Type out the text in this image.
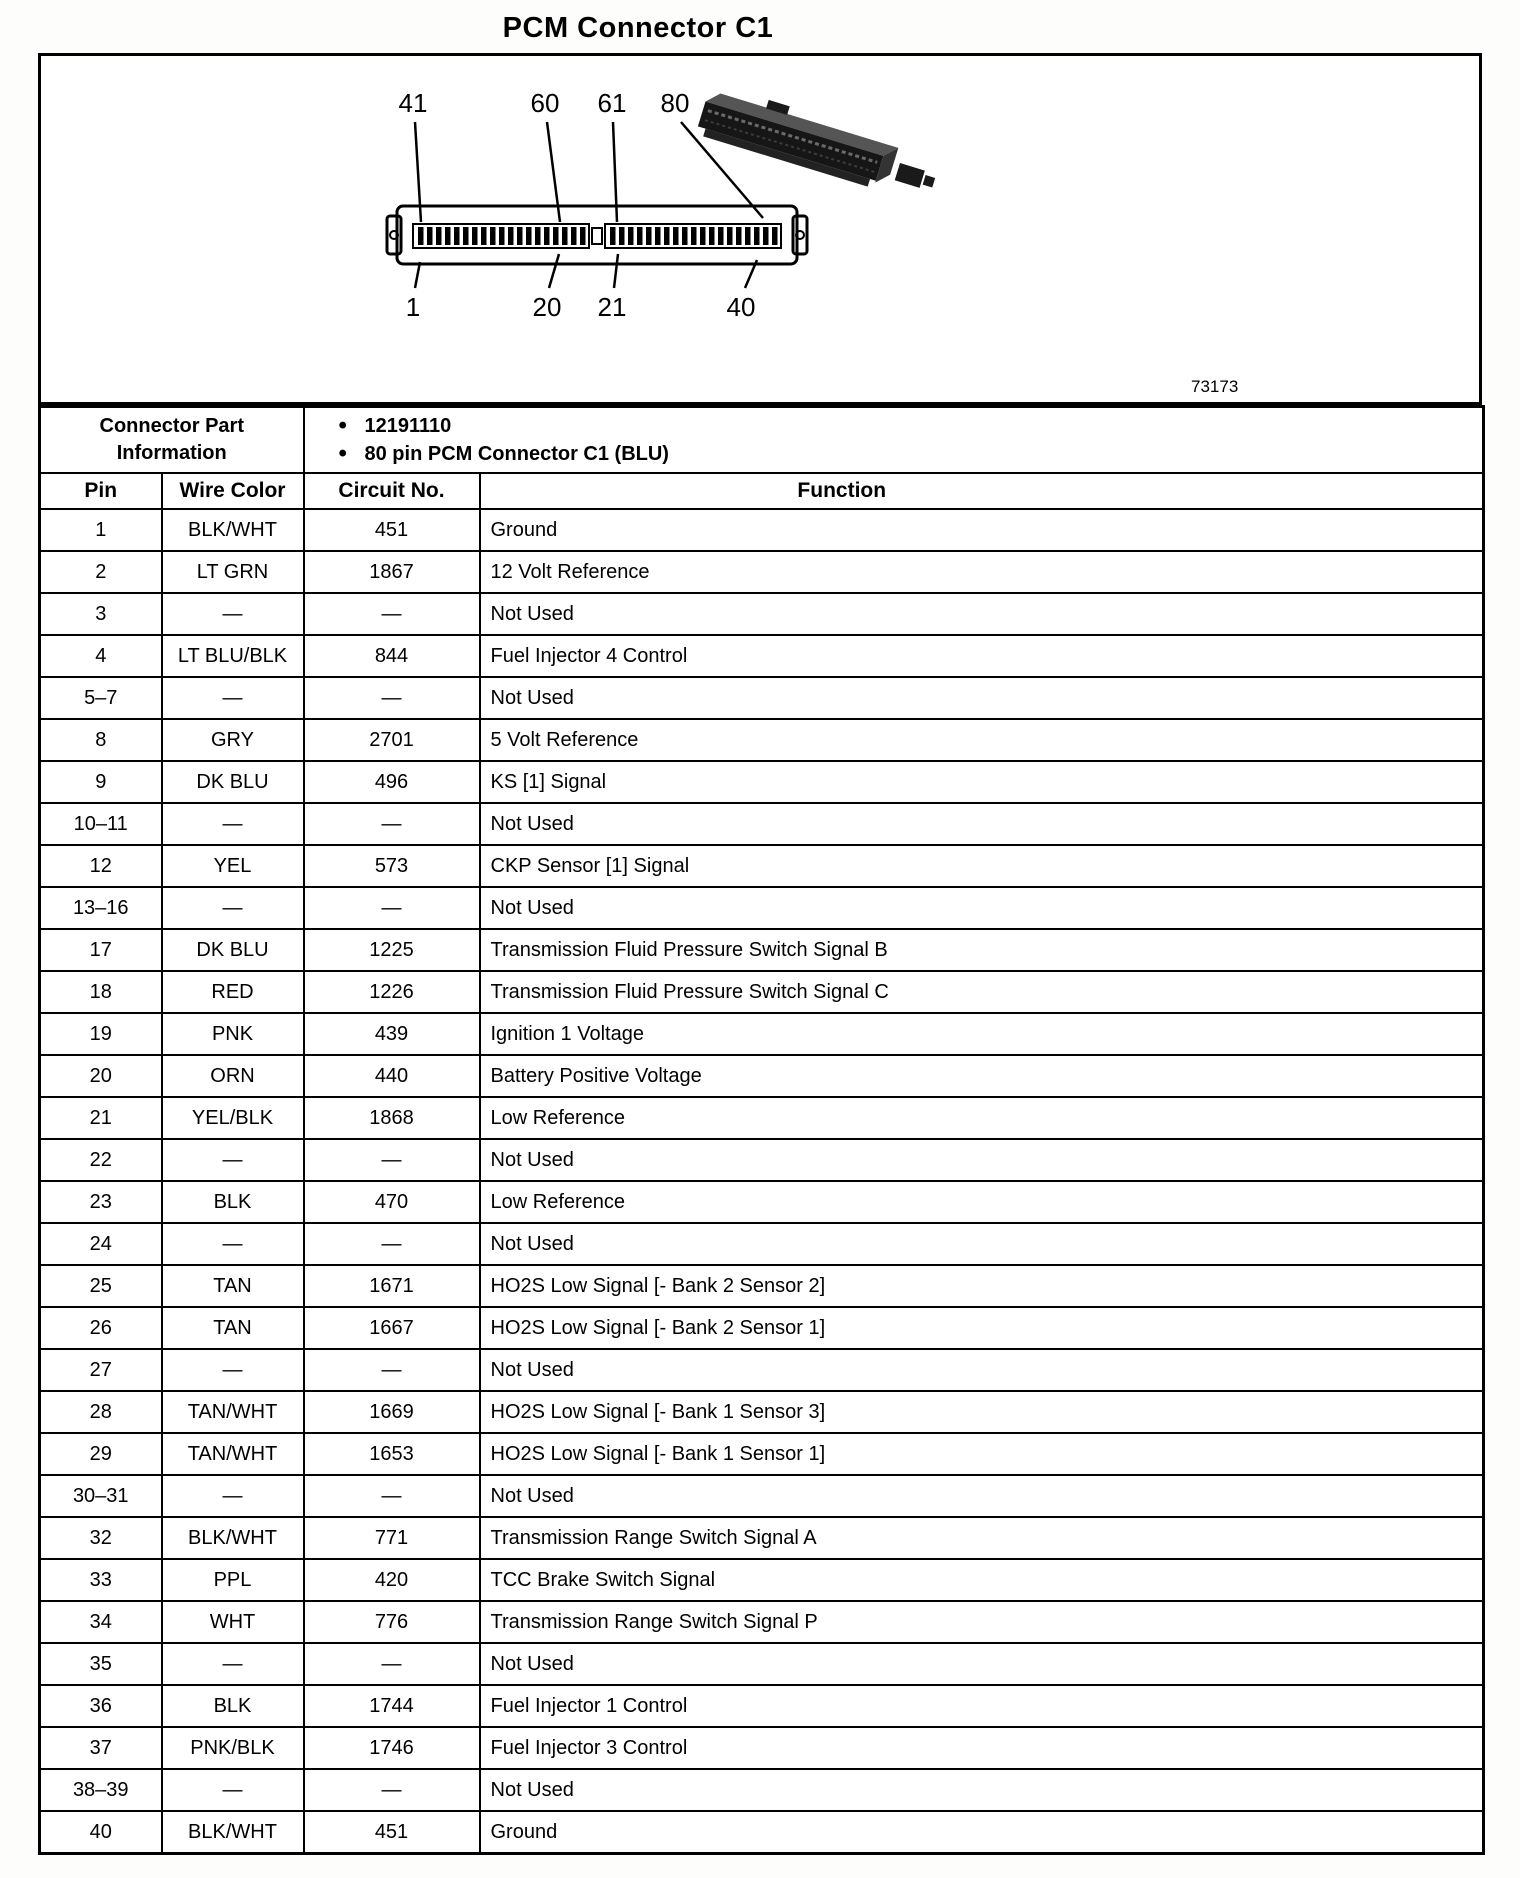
PCM Connector C1
41	60 61 80
1	20 21	40
73173
Connector Part
Information

•
12191110
•
80 pin PCM Connector C1 (BLU)

Pin	Wire Color	Circuit No.	Function
1	BLK/WHT	451	Ground
2	LT GRN	1867	12 Volt Reference
3	—	—	Not Used
4	LT BLU/BLK	844	Fuel Injector 4 Control
5–7	—	—	Not Used
8	GRY	2701	5 Volt Reference
9	DK BLU	496	KS [1] Signal
10–11	—	—	Not Used
12	YEL	573	CKP Sensor [1] Signal
13–16	—	—	Not Used
17	DK BLU	1225	Transmission Fluid Pressure Switch Signal B
18	RED	1226	Transmission Fluid Pressure Switch Signal C
19	PNK	439	Ignition 1 Voltage
20	ORN	440	Battery Positive Voltage
21	YEL/BLK	1868	Low Reference
22	—	—	Not Used
23	BLK	470	Low Reference
24	—	—	Not Used
25	TAN	1671	HO2S Low Signal [- Bank 2 Sensor 2]
26	TAN	1667	HO2S Low Signal [- Bank 2 Sensor 1]
27	—	—	Not Used
28	TAN/WHT	1669	HO2S Low Signal [- Bank 1 Sensor 3]
29	TAN/WHT	1653	HO2S Low Signal [- Bank 1 Sensor 1]
30–31	—	—	Not Used
32	BLK/WHT	771	Transmission Range Switch Signal A
33	PPL	420	TCC Brake Switch Signal
34	WHT	776	Transmission Range Switch Signal P
35	—	—	Not Used
36	BLK	1744	Fuel Injector 1 Control
37	PNK/BLK	1746	Fuel Injector 3 Control
38–39	—	—	Not Used
40	BLK/WHT	451	Ground
